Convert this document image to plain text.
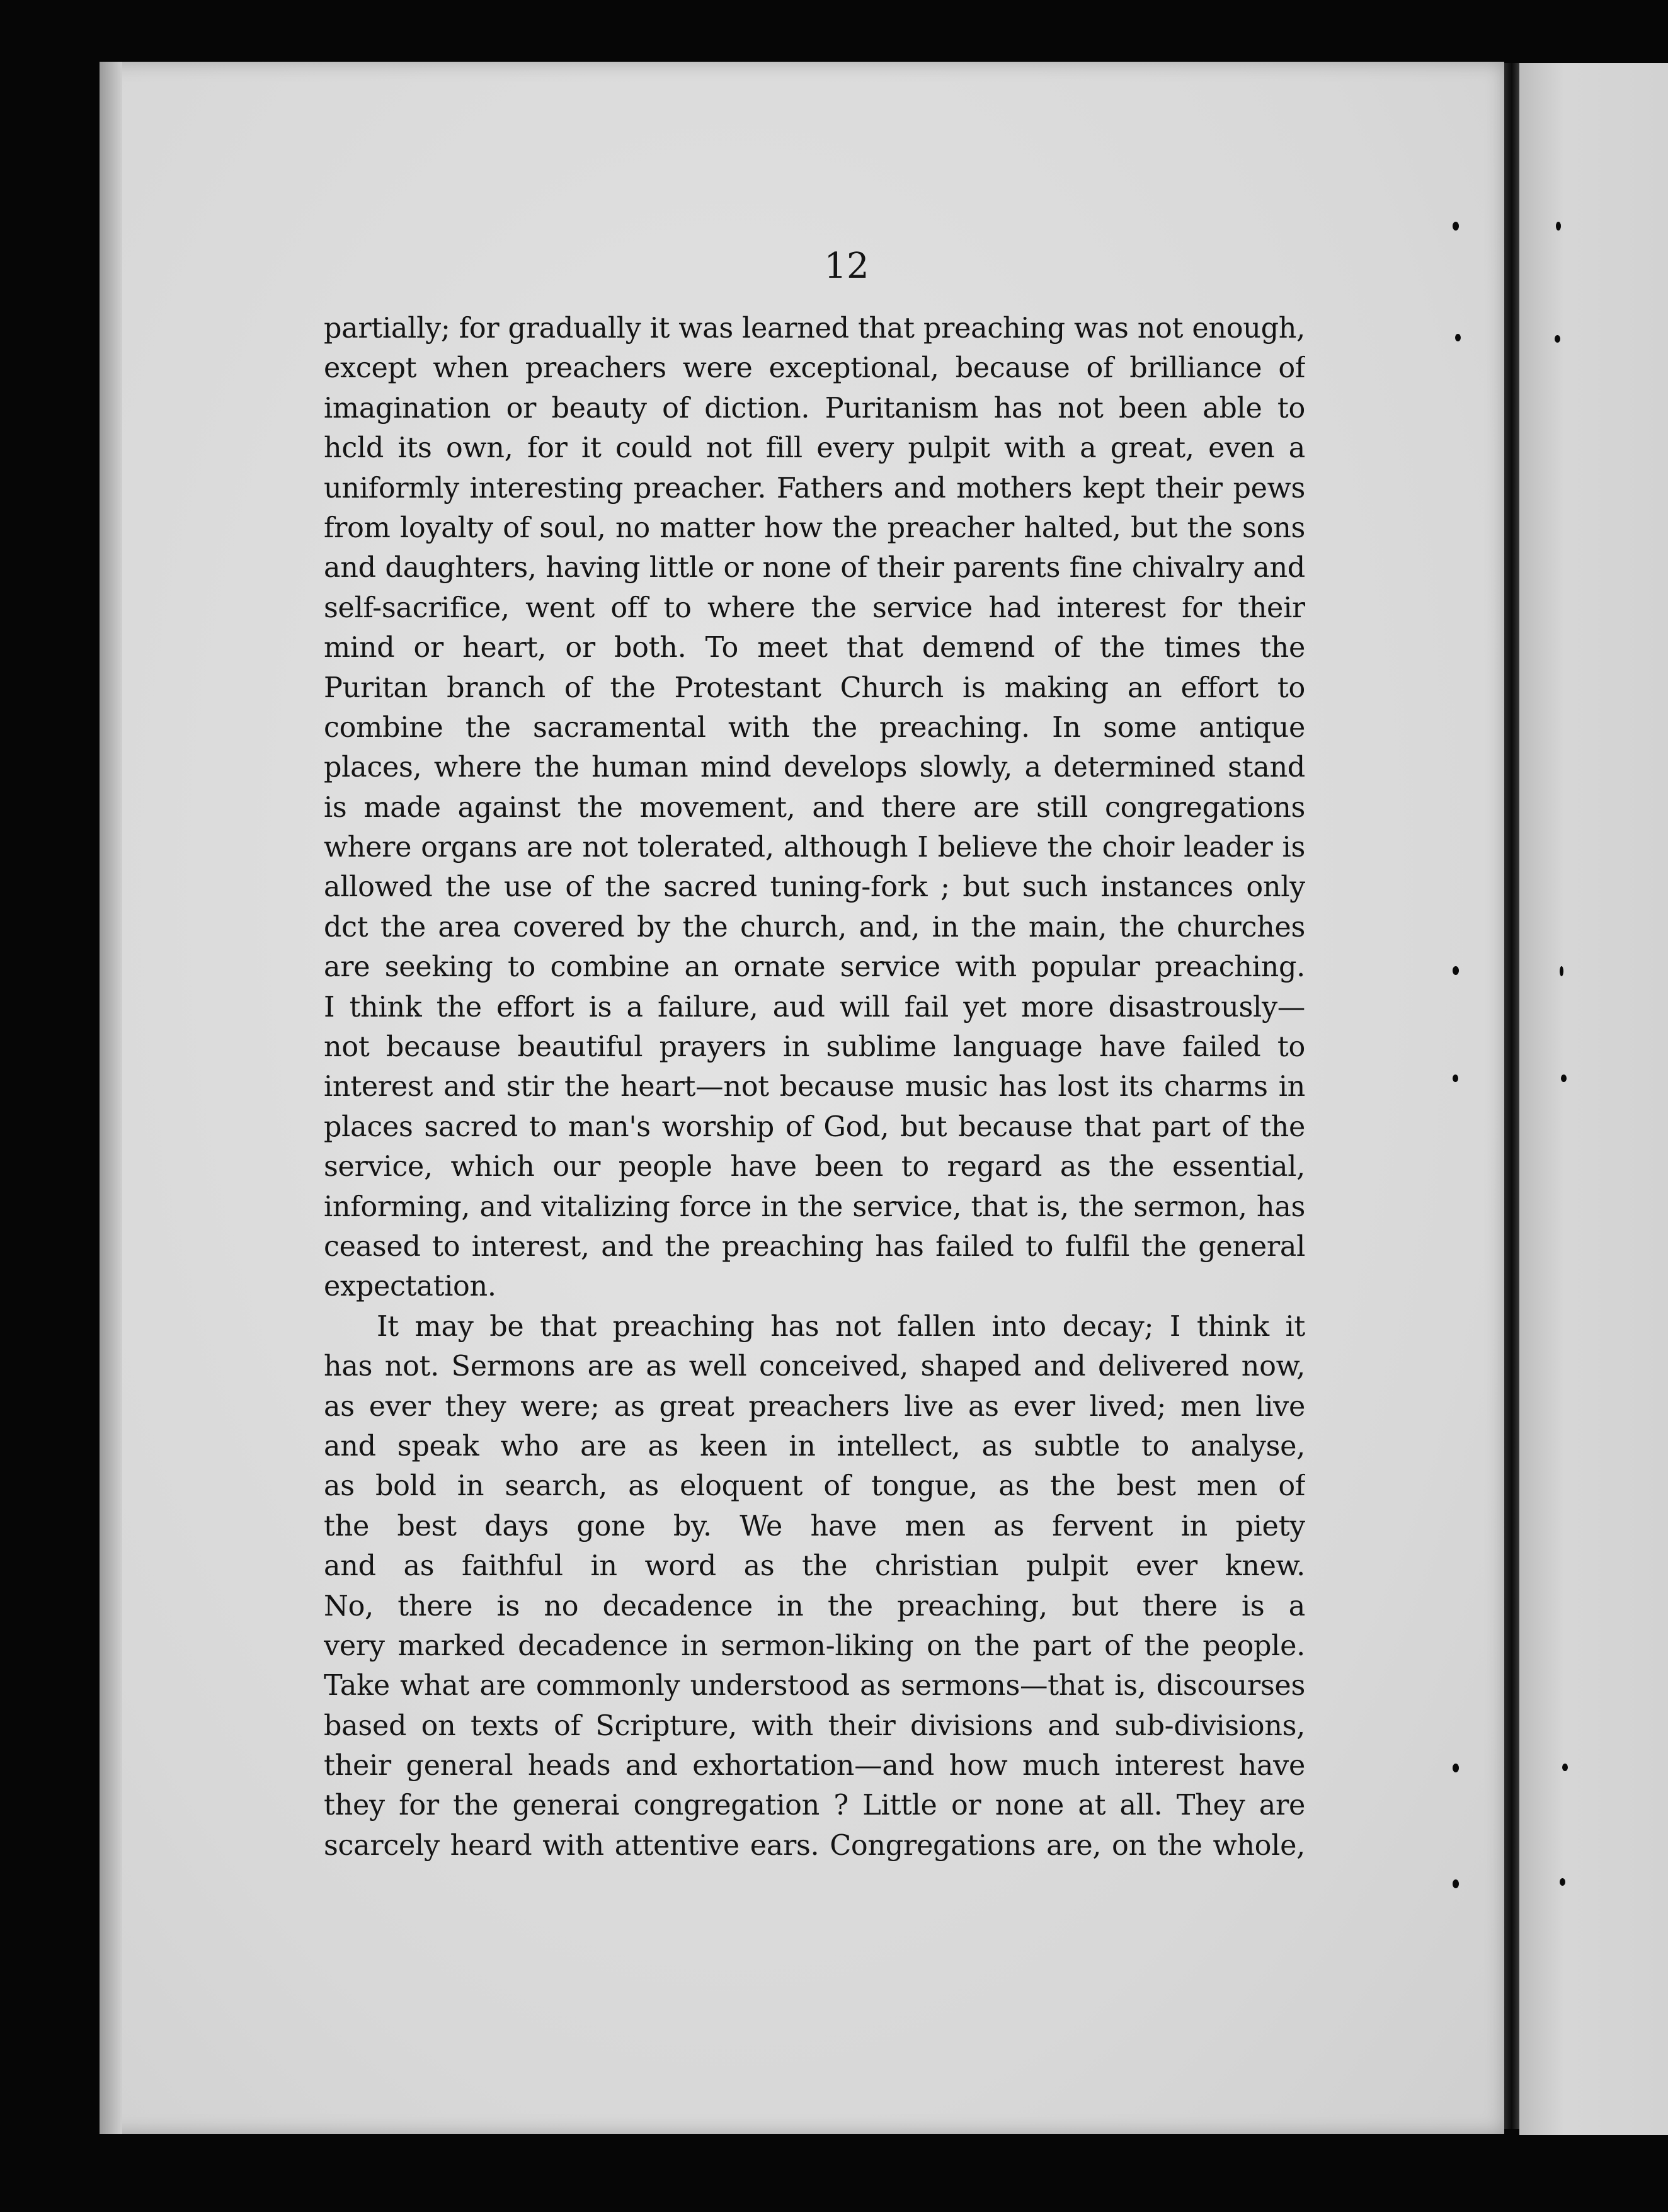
12
partially; for gradually it was learned that preaching was not enough,
except when preachers were exceptional, because of brilliance of
imagination or beauty of diction. Puritanism has not been able to
hcld its own, for it could not fill every pulpit with a great, even a
uniformly interesting preacher. Fathers and mothers kept their pews
from loyalty of soul, no matter how the preacher halted, but the sons
and daughters, having little or none of their parents fine chivalry and
self-sacrifice, went off to where the service had interest for their
mind or heart, or both. To meet that demɐnd of the times the
Puritan branch of the Protestant Church is making an effort to
combine the sacramental with the preaching. In some antique
places, where the human mind develops slowly, a determined stand
is made against the movement, and there are still congregations
where organs are not tolerated, although I believe the choir leader is
allowed the use of the sacred tuning-fork ; but such instances only
dct the area covered by the church, and, in the main, the churches
are seeking to combine an ornate service with popular preaching.
I think the effort is a failure, aud will fail yet more disastrously—
not because beautiful prayers in sublime language have failed to
interest and stir the heart—not because music has lost its charms in
places sacred to man's worship of God, but because that part of the
service, which our people have been to regard as the essential,
informing, and vitalizing force in the service, that is, the sermon, has
ceased to interest, and the preaching has failed to fulfil the general
expectation.
It may be that preaching has not fallen into decay; I think it
has not. Sermons are as well conceived, shaped and delivered now,
as ever they were; as great preachers live as ever lived; men live
and speak who are as keen in intellect, as subtle to analyse,
as bold in search, as eloquent of tongue, as the best men of
the best days gone by. We have men as fervent in piety
and as faithful in word as the christian pulpit ever knew.
No, there is no decadence in the preaching, but there is a
very marked decadence in sermon-liking on the part of the people.
Take what are commonly understood as sermons—that is, discourses
based on texts of Scripture, with their divisions and sub-divisions,
their general heads and exhortation—and how much interest have
they for the generai congregation ? Little or none at all. They are
scarcely heard with attentive ears. Congregations are, on the whole,
